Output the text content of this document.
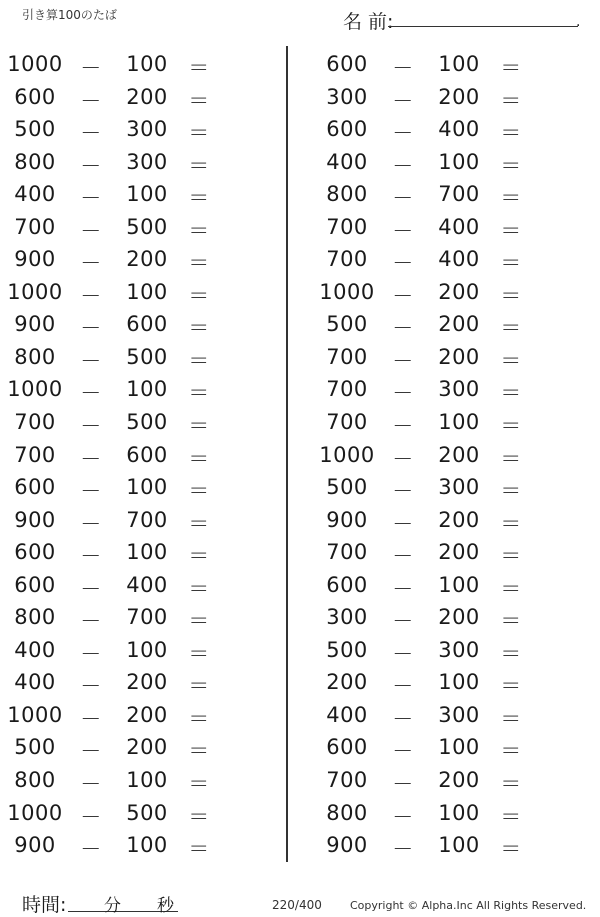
引き算100のたば	名 前:	.
1000 －	100 ＝
600	－	200 ＝
500	－	300 ＝
800	－	300 ＝
400	－	100 ＝
700	－	500 ＝
900	－	200 ＝
1000 －	100 ＝
900	－	600 ＝
800	－	500 ＝
1000 －	100 ＝
700	－	500 ＝
700	－	600 ＝
600	－	100 ＝
900	－	700 ＝
600	－	100 ＝
600	－	400 ＝
800	－	700 ＝
400	－	100 ＝
400	－	200 ＝
1000 －	200 ＝
500	－	200 ＝
800	－	100 ＝
1000 －	500 ＝
900	－	100 ＝
600	－	100 ＝
300	－	200 ＝
600	－	400 ＝
400	－	100 ＝
800	－	700 ＝
700	－	400 ＝
700	－	400 ＝
1000 －	200 ＝
500	－	200 ＝
700	－	200 ＝
700	－	300 ＝
700	－	100 ＝
1000 －	200 ＝
500	－	300 ＝
900	－	200 ＝
700	－	200 ＝
600	－	100 ＝
300	－	200 ＝
500	－	300 ＝
200	－	100 ＝
400	－	300 ＝
600	－	100 ＝
700	－	200 ＝
800	－	100 ＝
900	－	100 ＝
時間: 分 秒	220/400	Copyright © Alpha.Inc All Rights Reserved.
